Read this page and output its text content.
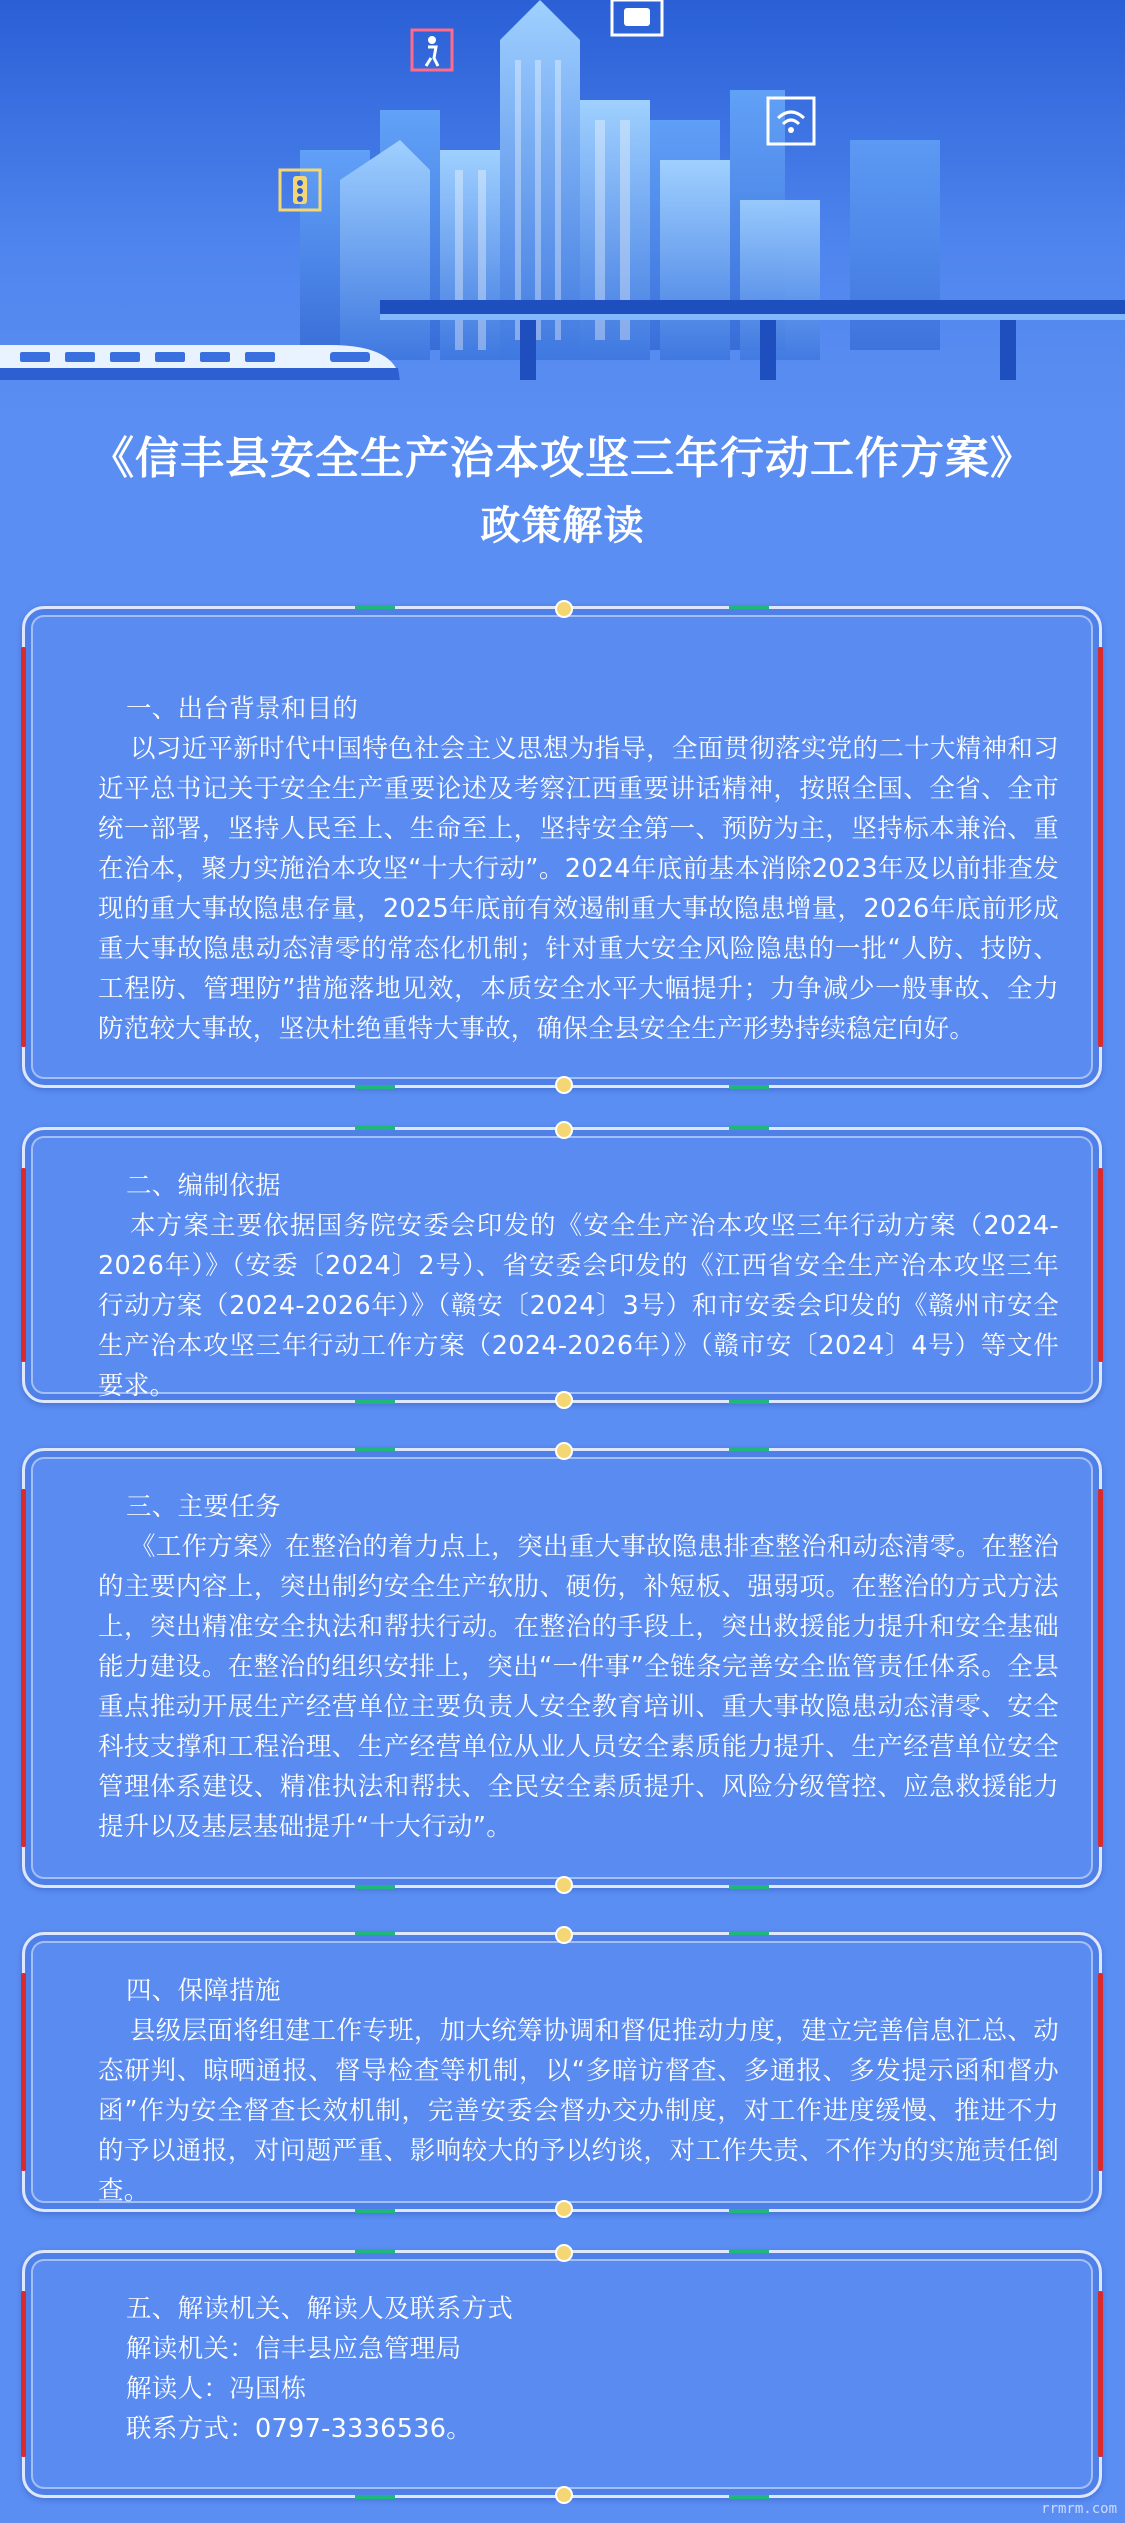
《信丰县安全生产治本攻坚三年行动工作方案》
政策解读

一、出台背景和目的

以习近平新时代中国特色社会主义思想为指导，全面贯彻落实党的二十大精神和习近平总书记关于安全生产重要论述及考察江西重要讲话精神，按照全国、全省、全市统一部署，坚持人民至上、生命至上，坚持安全第一、预防为主，坚持标本兼治、重在治本，聚力实施治本攻坚“十大行动”。2024年底前基本消除2023年及以前排查发现的重大事故隐患存量，2025年底前有效遏制重大事故隐患增量，2026年底前形成重大事故隐患动态清零的常态化机制；针对重大安全风险隐患的一批“人防、技防、工程防、管理防”措施落地见效，本质安全水平大幅提升；力争减少一般事故、全力防范较大事故，坚决杜绝重特大事故，确保全县安全生产形势持续稳定向好。

二、编制依据

本方案主要依据国务院安委会印发的《安全生产治本攻坚三年行动方案（2024-2026年）》（安委〔2024〕2号）、省安委会印发的《江西省安全生产治本攻坚三年行动方案（2024-2026年）》（赣安〔2024〕3号）和市安委会印发的《赣州市安全生产治本攻坚三年行动工作方案（2024-2026年）》（赣市安〔2024〕4号）等文件要求。

三、主要任务

《工作方案》在整治的着力点上，突出重大事故隐患排查整治和动态清零。在整治的主要内容上，突出制约安全生产软肋、硬伤，补短板、强弱项。在整治的方式方法上，突出精准安全执法和帮扶行动。在整治的手段上，突出救援能力提升和安全基础能力建设。在整治的组织安排上，突出“一件事”全链条完善安全监管责任体系。全县重点推动开展生产经营单位主要负责人安全教育培训、重大事故隐患动态清零、安全科技支撑和工程治理、生产经营单位从业人员安全素质能力提升、生产经营单位安全管理体系建设、精准执法和帮扶、全民安全素质提升、风险分级管控、应急救援能力提升以及基层基础提升“十大行动”。

四、保障措施

县级层面将组建工作专班，加大统筹协调和督促推动力度，建立完善信息汇总、动态研判、晾晒通报、督导检查等机制，以“多暗访督查、多通报、多发提示函和督办函”作为安全督查长效机制，完善安委会督办交办制度，对工作进度缓慢、推进不力的予以通报，对问题严重、影响较大的予以约谈，对工作失责、不作为的实施责任倒查。

五、解读机关、解读人及联系方式

解读机关：信丰县应急管理局

解读人：冯国栋

联系方式：0797-3336536。

rrmrm.com
